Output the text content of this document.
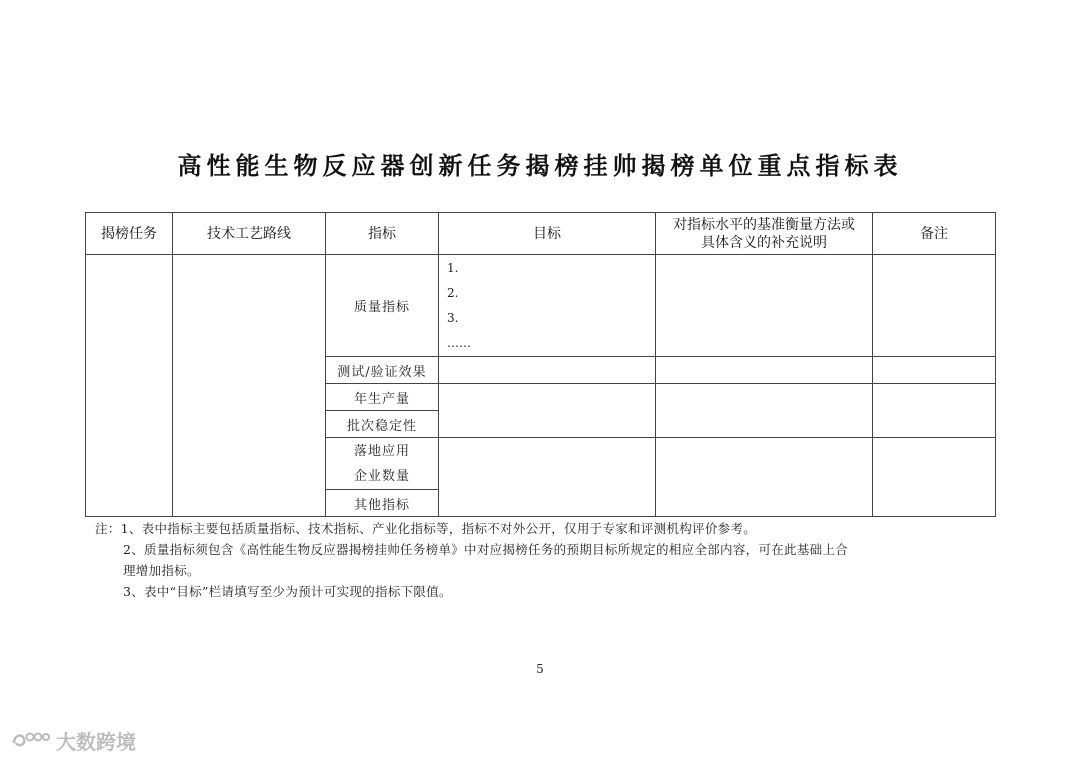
高性能生物反应器创新任务揭榜挂帅揭榜单位重点指标表
揭榜任务	技术工艺路线	指标	目标	对指标水平的基准衡量方法或具体含义的补充说明	备注
		质量指标	1.
2.
3.
……		

		测试/验证效果			
		年生产量			
		批次稳定性			

		落地应用
企业数量			

		其他指标			

注：1、表中指标主要包括质量指标、技术指标、产业化指标等，指标不对外公开，仅用于专家和评测机构评价参考。

2、质量指标须包含《高性能生物反应器揭榜挂帅任务榜单》中对应揭榜任务的预期目标所规定的相应全部内容，可在此基础上合

理增加指标。

3、表中“目标”栏请填写至少为预计可实现的指标下限值。

5
大数跨境
